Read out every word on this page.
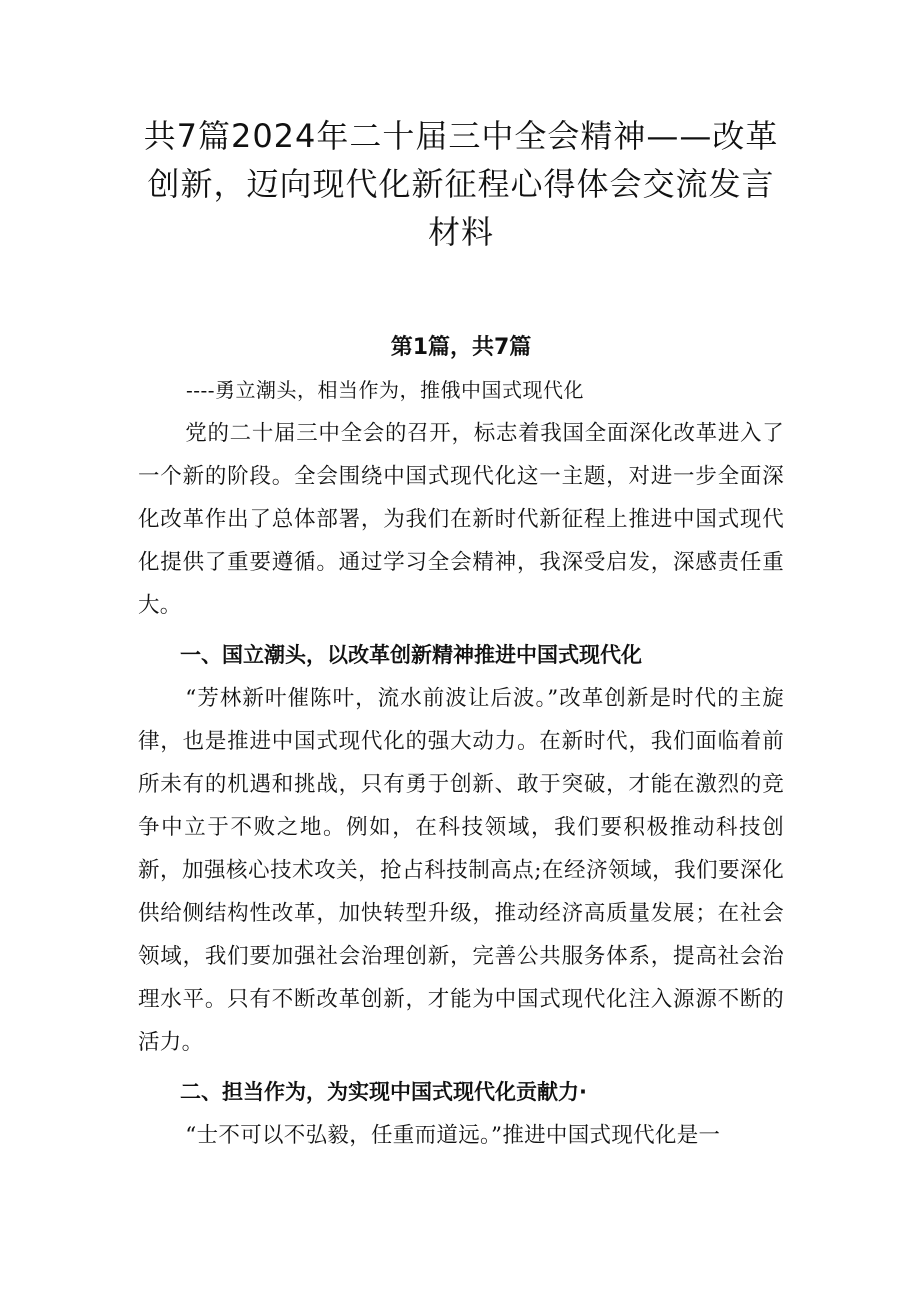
共7篇2024年二十届三中全会精神——改革创新，迈向现代化新征程心得体会交流发言材料
第1篇，共7篇
----勇立潮头，相当作为，推俄中国式现代化

党的二十届三中全会的召开，标志着我国全面深化改革进入了一个新的阶段。全会围绕中国式现代化这一主题，对进一步全面深化改革作出了总体部署，为我们在新时代新征程上推进中国式现代化提供了重要遵循。通过学习全会精神，我深受启发，深感责任重大。

一、国立潮头，以改革创新精神推进中国式现代化

“芳林新叶催陈叶，流水前波让后波。”改革创新是时代的主旋律，也是推进中国式现代化的强大动力。在新时代，我们面临着前所未有的机遇和挑战，只有勇于创新、敢于突破，才能在激烈的竞争中立于不败之地。例如，在科技领域，我们要积极推动科技创新，加强核心技术攻关，抢占科技制高点;在经济领域，我们要深化供给侧结构性改革，加快转型升级，推动经济高质量发展；在社会领域，我们要加强社会治理创新，完善公共服务体系，提高社会治理水平。只有不断改革创新，才能为中国式现代化注入源源不断的活力。

二、担当作为，为实现中国式现代化贡献力·

“士不可以不弘毅，任重而道远。”推进中国式现代化是一
